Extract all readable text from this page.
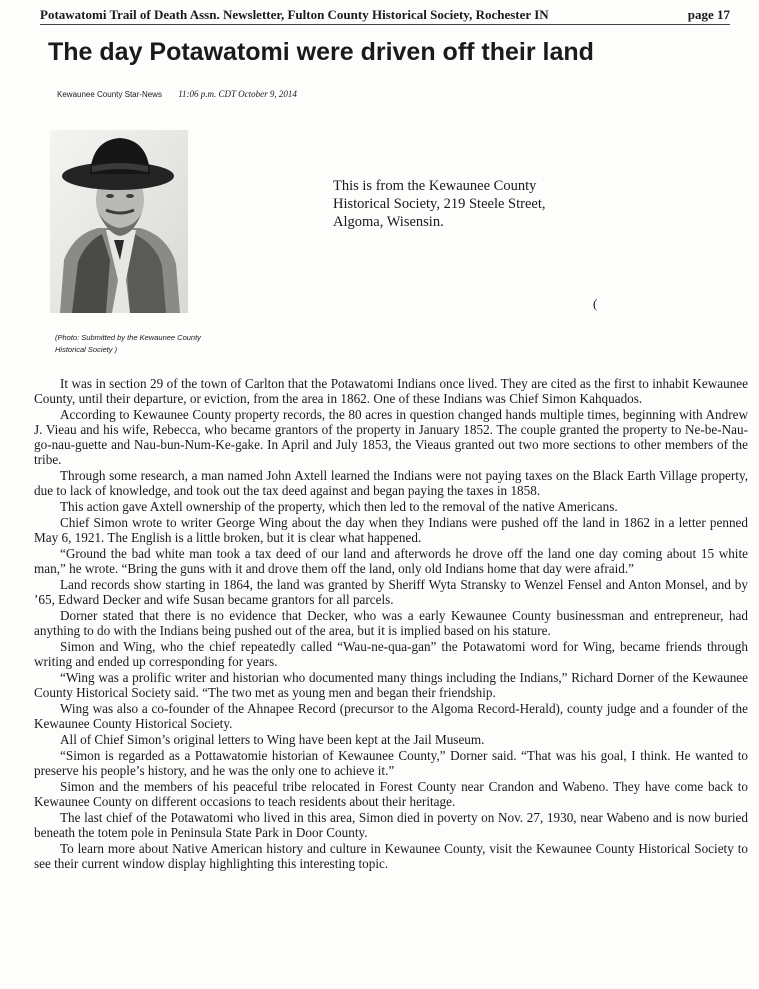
Potawatomi Trail of Death Assn. Newsletter, Fulton County Historical Society, Rochester IN	page 17
The day Potawatomi were driven off their land
Kewaunee County Star-News 11:06 p.m. CDT October 9, 2014
(Photo: Submitted by the Kewaunee County Historical Society )
This is from the Kewaunee County Historical Society, 219 Steele Street, Algoma, Wisensin.
(

It was in section 29 of the town of Carlton that the Potawatomi Indians once lived. They are cited as the first to inhabit Kewaunee County, until their departure, or eviction, from the area in 1862. One of these Indians was Chief Simon Kahquados.

According to Kewaunee County property records, the 80 acres in question changed hands multiple times, beginning with Andrew J. Vieau and his wife, Rebecca, who became grantors of the property in January 1852. The couple granted the property to Ne-be-Nau-go-nau-guette and Nau-bun-Num-Ke-gake. In April and July 1853, the Vieaus granted out two more sections to other members of the tribe.

Through some research, a man named John Axtell learned the Indians were not paying taxes on the Black Earth Village property, due to lack of knowledge, and took out the tax deed against and began paying the taxes in 1858.

This action gave Axtell ownership of the property, which then led to the removal of the native Americans.

Chief Simon wrote to writer George Wing about the day when they Indians were pushed off the land in 1862 in a letter penned May 6, 1921. The English is a little broken, but it is clear what happened.

“Ground the bad white man took a tax deed of our land and afterwords he drove off the land one day coming about 15 white man,” he wrote. “Bring the guns with it and drove them off the land, only old Indians home that day were afraid.”

Land records show starting in 1864, the land was granted by Sheriff Wyta Stransky to Wenzel Fensel and Anton Monsel, and by ’65, Edward Decker and wife Susan became grantors for all parcels.

Dorner stated that there is no evidence that Decker, who was a early Kewaunee County businessman and entrepreneur, had anything to do with the Indians being pushed out of the area, but it is implied based on his stature.

Simon and Wing, who the chief repeatedly called “Wau-ne-qua-gan” the Potawatomi word for Wing, became friends through writing and ended up corresponding for years.

“Wing was a prolific writer and historian who documented many things including the Indians,” Richard Dorner of the Kewaunee County Historical Society said. “The two met as young men and began their friendship.

Wing was also a co-founder of the Ahnapee Record (precursor to the Algoma Record-Herald), county judge and a founder of the Kewaunee County Historical Society.

All of Chief Simon’s original letters to Wing have been kept at the Jail Museum.

“Simon is regarded as a Pottawatomie historian of Kewaunee County,” Dorner said. “That was his goal, I think. He wanted to preserve his people’s history, and he was the only one to achieve it.”

Simon and the members of his peaceful tribe relocated in Forest County near Crandon and Wabeno. They have come back to Kewaunee County on different occasions to teach residents about their heritage.

The last chief of the Potawatomi who lived in this area, Simon died in poverty on Nov. 27, 1930, near Wabeno and is now buried beneath the totem pole in Peninsula State Park in Door County.

To learn more about Native American history and culture in Kewaunee County, visit the Kewaunee County Historical Society to see their current window display highlighting this interesting topic.
